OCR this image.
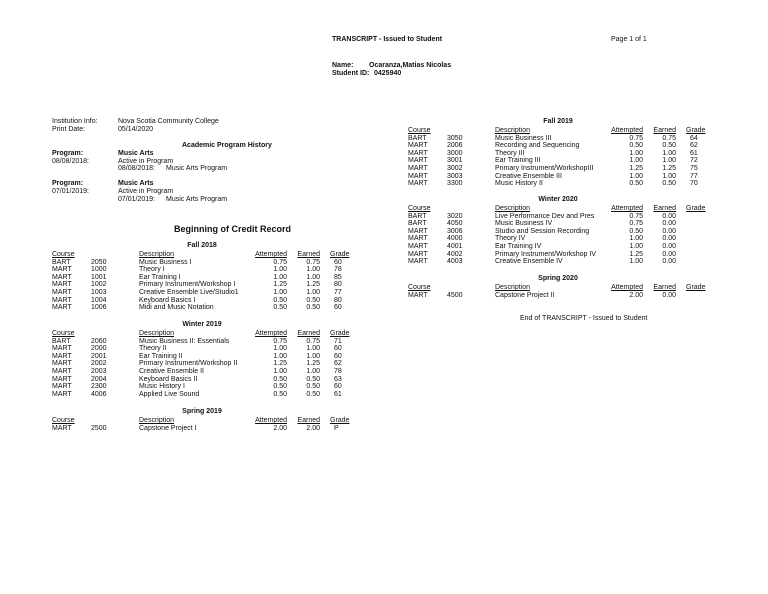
TRANSCRIPT - Issued to Student	Page 1 of 1
Name: Ocaranza,Matias Nicolas
Student ID: 0425940
Institution Info:	Nova Scotia Community College
Print Date:	05/14/2020
Academic Program History
Program:	Music Arts
08/08/2018:	Active in Program
08/08/2018: Music Arts Program
Program:	Music Arts
07/01/2019:	Active in Program
07/01/2019: Music Arts Program
Beginning of Credit Record
Fall 2018
Course	Description	Attempted	Earned Grade
BART	2050	Music Business I	0.75	0.75 60
MART	1000	Theory I	1.00	1.00 78
MART	1001	Ear Training I	1.00	1.00 85
MART	1002	Primary Instrument/Workshop I	1.25	1.25 80
MART	1003	Creative Ensemble Live/Studio1	1.00	1.00 77
MART	1004	Keyboard Basics I	0.50	0.50 80
MART	1006	Midi and Music Notation	0.50	0.50 60
Winter 2019
Course	Description	Attempted	Earned Grade
BART	2060	Music Business II: Essentials	0.75	0.75 71
MART	2000	Theory II	1.00	1.00 60
MART	2001	Ear Training II	1.00	1.00 60
MART	2002	Primary Instrument/Workshop II	1.25	1.25 62
MART	2003	Creative Ensemble II	1.00	1.00 78
MART	2004	Keyboard Basics II	0.50	0.50 63
MART	2300	Music History I	0.50	0.50 60
MART	4006	Applied Live Sound	0.50	0.50 61
Spring 2019
Course	Description	Attempted	Earned Grade
MART	2500	Capstone Project I	2.00	2.00 P
Fall 2019
Course	Description	Attempted	Earned Grade
BART	3050	Music Business III	0.75	0.75 64
MART	2006	Recording and Sequencing	0.50	0.50 62
MART	3000	Theory III	1.00	1.00 61
MART	3001	Ear Training III	1.00	1.00 72
MART	3002	Primary Instrument/WorkshopIII	1.25	1.25 75
MART	3003	Creative Ensemble III	1.00	1.00 77
MART	3300	Music History II	0.50	0.50 70
Winter 2020
Course	Description	Attempted	Earned Grade
BART	3020	Live Performance Dev and Pres	0.75	0.00
BART	4050	Music Business IV	0.75	0.00
MART	3006	Studio and Session Recording	0.50	0.00
MART	4000	Theory IV	1.00	0.00
MART	4001	Ear Training IV	1.00	0.00
MART	4002	Primary Instrument/Workshop IV	1.25	0.00
MART	4003	Creative Ensemble IV	1.00	0.00
Spring 2020
Course	Description	Attempted	Earned Grade
MART	4500	Capstone Project II	2.00	0.00
End of TRANSCRIPT - Issued to Student
